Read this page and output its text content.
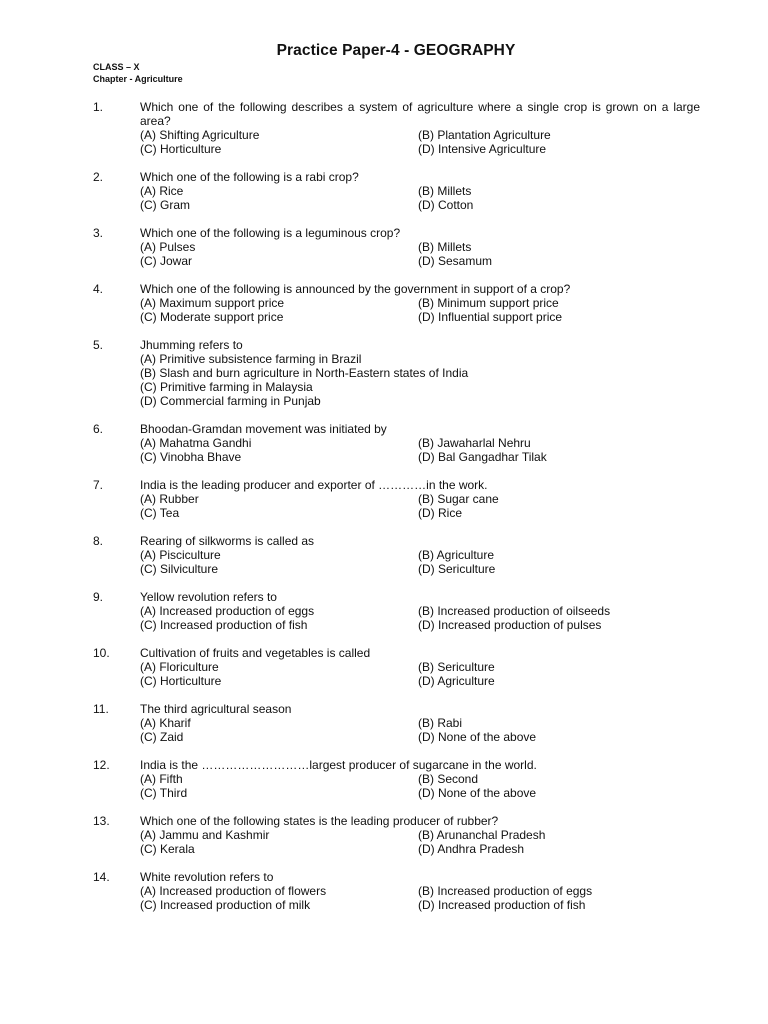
Practice Paper-4 - GEOGRAPHY
CLASS – X
Chapter - Agriculture
1.	Which one of the following describes a system of agriculture where a single crop is grown on a large area?
(A) Shifting Agriculture	(B) Plantation Agriculture
(C) Horticulture	(D) Intensive Agriculture
2.	Which one of the following is a rabi crop?
(A) Rice	(B) Millets
(C) Gram	(D) Cotton
3.	Which one of the following is a leguminous crop?
(A) Pulses	(B) Millets
(C) Jowar	(D) Sesamum
4.	Which one of the following is announced by the government in support of a crop?
(A) Maximum support price	(B) Minimum support price
(C) Moderate support price	(D) Influential support price
5.	Jhumming refers to
(A) Primitive subsistence farming in Brazil
(B) Slash and burn agriculture in North-Eastern states of India
(C) Primitive farming in Malaysia
(D) Commercial farming in Punjab
6.	Bhoodan-Gramdan movement was initiated by
(A) Mahatma Gandhi	(B) Jawaharlal Nehru
(C) Vinobha Bhave	(D) Bal Gangadhar Tilak
7.	India is the leading producer and exporter of …………in the work.
(A) Rubber	(B) Sugar cane
(C) Tea	(D) Rice
8.	Rearing of silkworms is called as
(A) Pisciculture	(B) Agriculture
(C) Silviculture	(D) Sericulture
9.	Yellow revolution refers to
(A) Increased production of eggs	(B) Increased production of oilseeds
(C) Increased production of fish	(D) Increased production of pulses
10.	Cultivation of fruits and vegetables is called
(A) Floriculture	(B) Sericulture
(C) Horticulture	(D) Agriculture
11.	The third agricultural season
(A) Kharif	(B) Rabi
(C) Zaid	(D) None of the above
12.	India is the ………………………largest producer of sugarcane in the world.
(A) Fifth	(B) Second
(C) Third	(D) None of the above
13.	Which one of the following states is the leading producer of rubber?
(A) Jammu and Kashmir	(B) Arunanchal Pradesh
(C) Kerala	(D) Andhra Pradesh
14.	White revolution refers to
(A) Increased production of flowers	(B) Increased production of eggs
(C) Increased production of milk	(D) Increased production of fish
